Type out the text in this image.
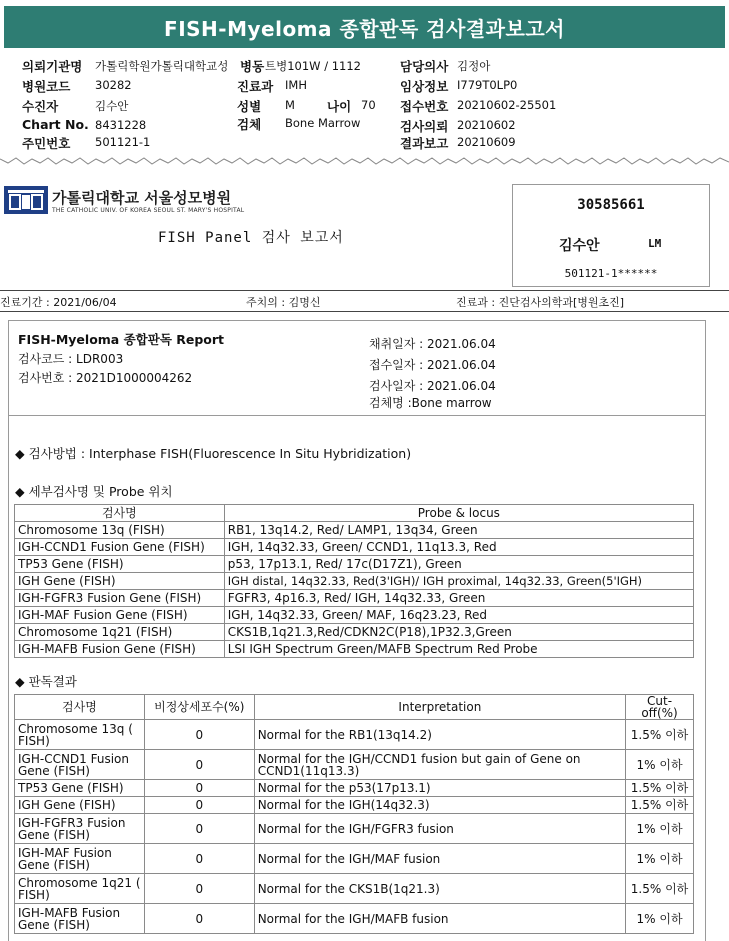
FISH-Myeloma 종합판독 검사결과보고서
의뢰기관명 가톨릭학원가톨릭대학교성 병동 트병101W / 1112	담당의사 김정아
병원코드 30282	진료과 IMH	임상정보 I779T0LP0
수진자	김수안	성별 M	나이 70 접수번호 20210602-25501
Chart No. 8431228	검체 Bone Marrow	검사의뢰 20210602
주민번호 501121-1	결과보고 20210609
가톨릭대학교 서울성모병원
THE CATHOLIC UNIV. OF KOREA SEOUL ST. MARY'S HOSPITAL
FISH Panel 검사 보고서
30585661
김수안	LM
501121-1******
진료기간 : 2021/06/04	주치의 : 김명신	진료과 : 진단검사의학과[병원초진]
FISH-Myeloma 종합판독 Report
검사코드 : LDR003
검사번호 : 2021D1000004262
채취일자 : 2021.06.04
접수일자 : 2021.06.04
검사일자 : 2021.06.04
검체명 :Bone marrow
◆ 검사방법 : Interphase FISH(Fluorescence In Situ Hybridization)
◆ 세부검사명 및 Probe 위치
검사명	Probe & locus
Chromosome 13q (FISH)	RB1, 13q14.2, Red/ LAMP1, 13q34, Green
IGH-CCND1 Fusion Gene (FISH)	IGH, 14q32.33, Green/ CCND1, 11q13.3, Red
TP53 Gene (FISH)	p53, 17p13.1, Red/ 17c(D17Z1), Green
IGH Gene (FISH)	IGH distal, 14q32.33, Red(3'IGH)/ IGH proximal, 14q32.33, Green(5'IGH)
IGH-FGFR3 Fusion Gene (FISH)	FGFR3, 4p16.3, Red/ IGH, 14q32.33, Green
IGH-MAF Fusion Gene (FISH)	IGH, 14q32.33, Green/ MAF, 16q23.23, Red
Chromosome 1q21 (FISH)	CKS1B,1q21.3,Red/CDKN2C(P18),1P32.3,Green
IGH-MAFB Fusion Gene (FISH)	LSI IGH Spectrum Green/MAFB Spectrum Red Probe
◆ 판독결과
검사명	비정상세포수(%)	Interpretation	Cut-off(%)
Chromosome 13q ( FISH)	0	Normal for the RB1(13q14.2)	1.5% 이하
IGH-CCND1 Fusion Gene (FISH)	0	Normal for the IGH/CCND1 fusion but gain of Gene on CCND1(11q13.3)	1% 이하
TP53 Gene (FISH)	0	Normal for the p53(17p13.1)	1.5% 이하
IGH Gene (FISH)	0	Normal for the IGH(14q32.3)	1.5% 이하
IGH-FGFR3 Fusion Gene (FISH)	0	Normal for the IGH/FGFR3 fusion	1% 이하
IGH-MAF Fusion Gene (FISH)	0	Normal for the IGH/MAF fusion	1% 이하
Chromosome 1q21 ( FISH)	0	Normal for the CKS1B(1q21.3)	1.5% 이하
IGH-MAFB Fusion Gene (FISH)	0	Normal for the IGH/MAFB fusion	1% 이하
